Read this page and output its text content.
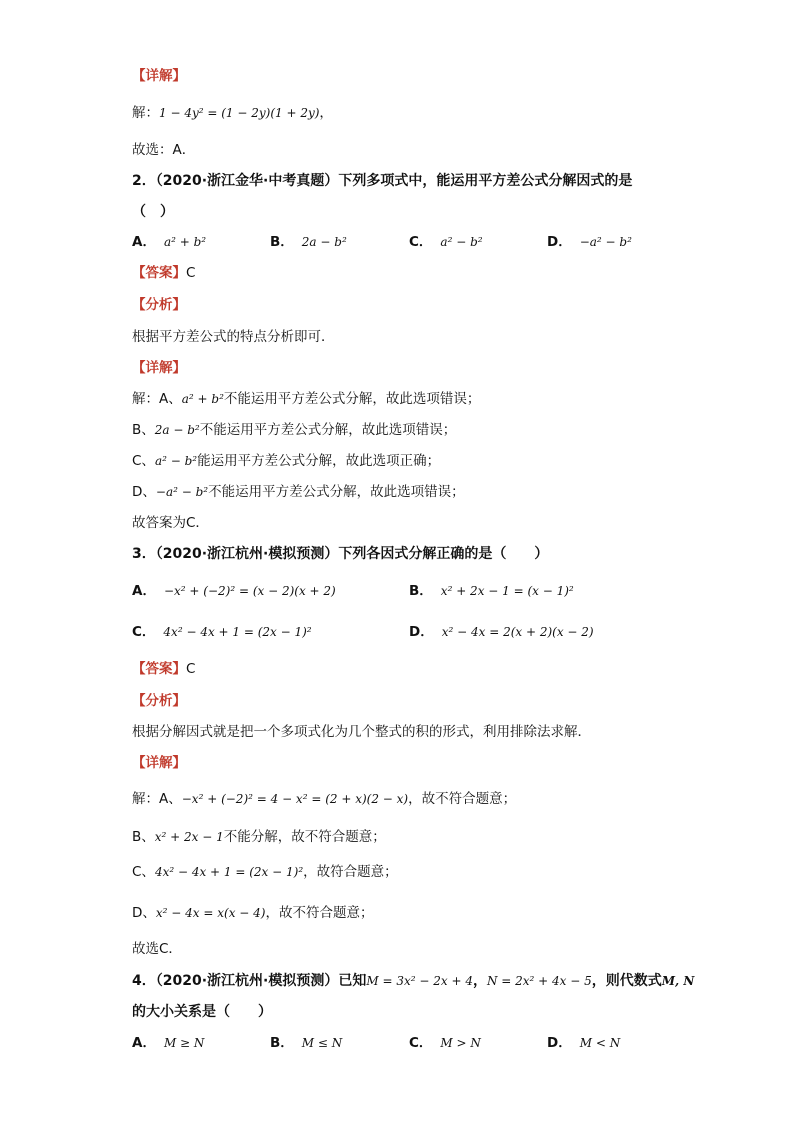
【详解】
解：1 − 4y² = (1 − 2y)(1 + 2y)，
故选：A．
2．（2020·浙江金华·中考真题）下列多项式中，能运用平方差公式分解因式的是
（　）
A． a² + b²	B． 2a − b²	C． a² − b²	D． −a² − b²
【答案】C
【分析】
根据平方差公式的特点分析即可．
【详解】
解：A、a² + b²不能运用平方差公式分解，故此选项错误；
B、2a − b²不能运用平方差公式分解，故此选项错误；
C、a² − b²能运用平方差公式分解，故此选项正确；
D、−a² − b²不能运用平方差公式分解，故此选项错误；
故答案为C．
3．（2020·浙江杭州·模拟预测）下列各因式分解正确的是（　　）
A． −x² + (−2)² = (x − 2)(x + 2)	B． x² + 2x − 1 = (x − 1)²
C． 4x² − 4x + 1 = (2x − 1)²	D． x² − 4x = 2(x + 2)(x − 2)
【答案】C
【分析】
根据分解因式就是把一个多项式化为几个整式的积的形式，利用排除法求解．
【详解】
解：A、−x² + (−2)² = 4 − x² = (2 + x)(2 − x)，故不符合题意；
B、x² + 2x − 1不能分解，故不符合题意；
C、4x² − 4x + 1 = (2x − 1)²，故符合题意；
D、x² − 4x = x(x − 4)，故不符合题意；
故选C．
4．（2020·浙江杭州·模拟预测）已知M = 3x² − 2x + 4，N = 2x² + 4x − 5，则代数式M, N
的大小关系是（　　）
A． M ≥ N	B． M ≤ N	C． M > N	D． M < N
